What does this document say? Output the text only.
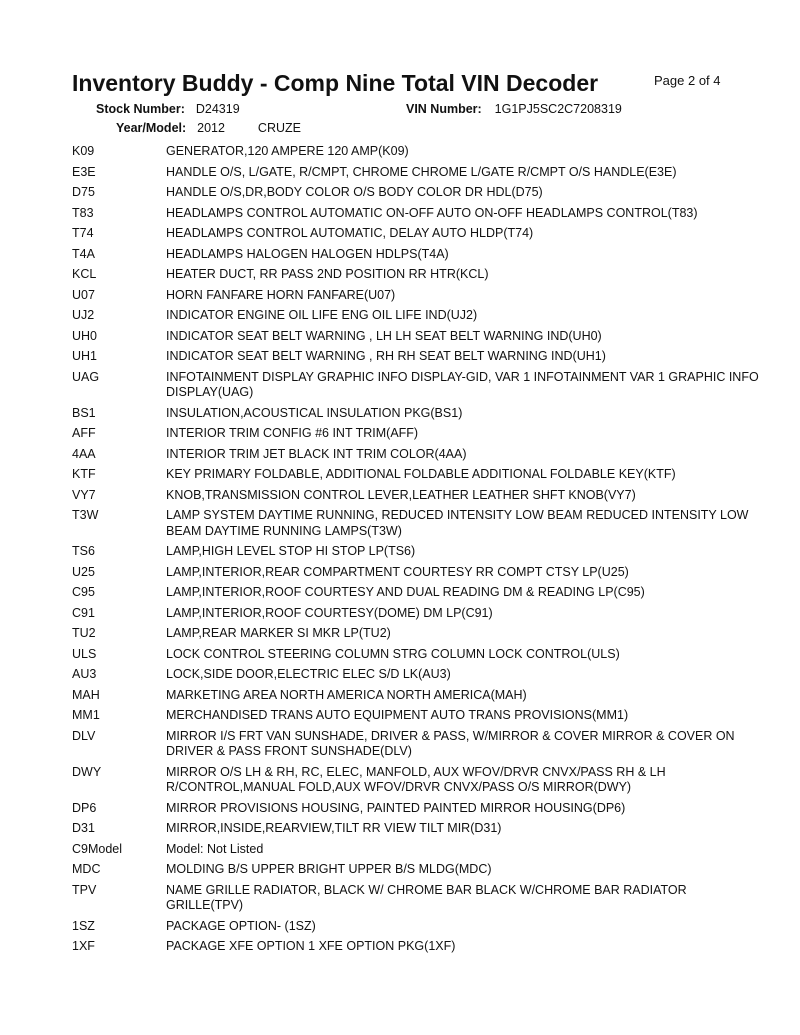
Inventory Buddy - Comp Nine Total VIN Decoder	Page 2 of 4
Stock Number: D24319	VIN Number: 1G1PJ5SC2C7208319
Year/Model: 2012	CRUZE
K09	GENERATOR,120 AMPERE 120 AMP(K09)
E3E	HANDLE O/S, L/GATE, R/CMPT, CHROME CHROME L/GATE R/CMPT O/S HANDLE(E3E)
D75	HANDLE O/S,DR,BODY COLOR O/S BODY COLOR DR HDL(D75)
T83	HEADLAMPS CONTROL AUTOMATIC ON-OFF AUTO ON-OFF HEADLAMPS CONTROL(T83)
T74	HEADLAMPS CONTROL AUTOMATIC, DELAY AUTO HLDP(T74)
T4A	HEADLAMPS HALOGEN HALOGEN HDLPS(T4A)
KCL	HEATER DUCT, RR PASS 2ND POSITION RR HTR(KCL)
U07	HORN FANFARE HORN FANFARE(U07)
UJ2	INDICATOR ENGINE OIL LIFE ENG OIL LIFE IND(UJ2)
UH0	INDICATOR SEAT BELT WARNING , LH LH SEAT BELT WARNING IND(UH0)
UH1	INDICATOR SEAT BELT WARNING , RH RH SEAT BELT WARNING IND(UH1)
UAG	INFOTAINMENT DISPLAY GRAPHIC INFO DISPLAY-GID, VAR 1 INFOTAINMENT VAR 1 GRAPHIC INFO DISPLAY(UAG)
BS1	INSULATION,ACOUSTICAL INSULATION PKG(BS1)
AFF	INTERIOR TRIM CONFIG #6 INT TRIM(AFF)
4AA	INTERIOR TRIM JET BLACK INT TRIM COLOR(4AA)
KTF	KEY PRIMARY FOLDABLE, ADDITIONAL FOLDABLE ADDITIONAL FOLDABLE KEY(KTF)
VY7	KNOB,TRANSMISSION CONTROL LEVER,LEATHER LEATHER SHFT KNOB(VY7)
T3W	LAMP SYSTEM DAYTIME RUNNING, REDUCED INTENSITY LOW BEAM REDUCED INTENSITY LOW BEAM DAYTIME RUNNING LAMPS(T3W)
TS6	LAMP,HIGH LEVEL STOP HI STOP LP(TS6)
U25	LAMP,INTERIOR,REAR COMPARTMENT COURTESY RR COMPT CTSY LP(U25)
C95	LAMP,INTERIOR,ROOF COURTESY AND DUAL READING DM & READING LP(C95)
C91	LAMP,INTERIOR,ROOF COURTESY(DOME) DM LP(C91)
TU2	LAMP,REAR MARKER SI MKR LP(TU2)
ULS	LOCK CONTROL STEERING COLUMN STRG COLUMN LOCK CONTROL(ULS)
AU3	LOCK,SIDE DOOR,ELECTRIC ELEC S/D LK(AU3)
MAH	MARKETING AREA NORTH AMERICA NORTH AMERICA(MAH)
MM1	MERCHANDISED TRANS AUTO EQUIPMENT AUTO TRANS PROVISIONS(MM1)
DLV	MIRROR I/S FRT VAN SUNSHADE, DRIVER & PASS, W/MIRROR & COVER MIRROR & COVER ON DRIVER & PASS FRONT SUNSHADE(DLV)
DWY	MIRROR O/S LH & RH, RC, ELEC, MANFOLD, AUX WFOV/DRVR CNVX/PASS RH & LH R/CONTROL,MANUAL FOLD,AUX WFOV/DRVR CNVX/PASS O/S MIRROR(DWY)
DP6	MIRROR PROVISIONS HOUSING, PAINTED PAINTED MIRROR HOUSING(DP6)
D31	MIRROR,INSIDE,REARVIEW,TILT RR VIEW TILT MIR(D31)
C9Model	Model: Not Listed
MDC	MOLDING B/S UPPER BRIGHT UPPER B/S MLDG(MDC)
TPV	NAME GRILLE RADIATOR, BLACK W/ CHROME BAR BLACK W/CHROME BAR RADIATOR GRILLE(TPV)
1SZ	PACKAGE OPTION- (1SZ)
1XF	PACKAGE XFE OPTION 1 XFE OPTION PKG(1XF)
